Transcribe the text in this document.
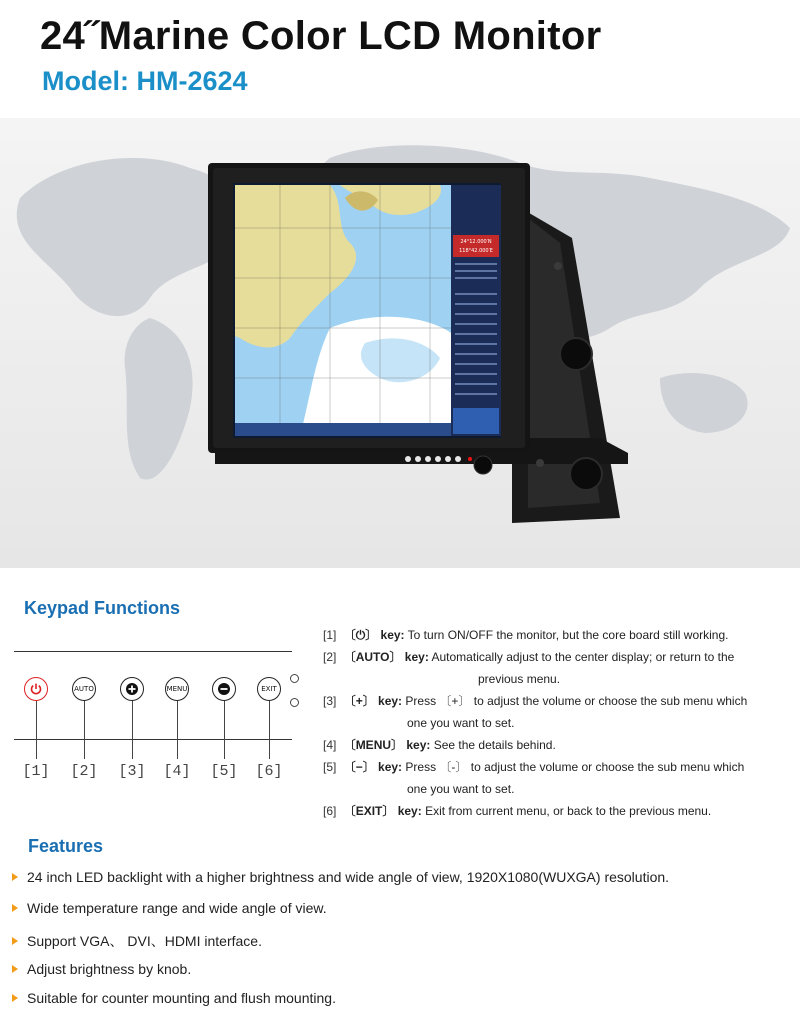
24˝Marine Color LCD Monitor
Model: HM-2624
24°12.000′N
118°42.000′E
Keypad Functions
AUTO	MENU	EXIT
[1]	[2]	[3]	[4]	[5]	[6]
[1] 〔⏻〕 key: To turn ON/OFF the monitor, but the core board still working.
[2] 〔AUTO〕 key: Automatically adjust to the center display; or return to the
previous menu.
[3] 〔+〕 key: Press 〔+〕 to adjust the volume or choose the sub menu which
one you want to set.
[4] 〔MENU〕 key: See the details behind.
[5] 〔−〕 key: Press 〔-〕 to adjust the volume or choose the sub menu which
one you want to set.
[6] 〔EXIT〕 key: Exit from current menu, or back to the previous menu.
Features
24 inch LED backlight with a higher brightness and wide angle of view, 1920X1080(WUXGA) resolution.
Wide temperature range and wide angle of view.
Support VGA、 DVI、HDMI interface.
Adjust brightness by knob.
Suitable for counter mounting and flush mounting.
